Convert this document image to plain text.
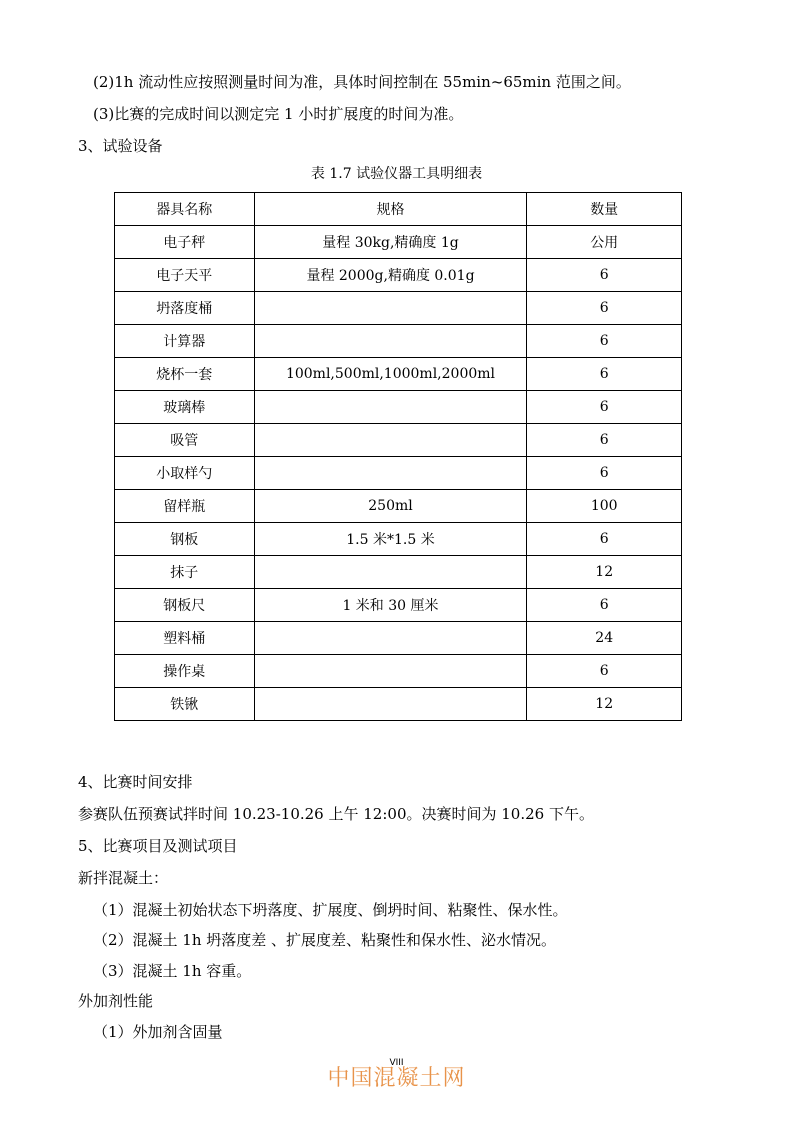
(2)1h 流动性应按照测量时间为准，具体时间控制在 55min~65min 范围之间。
(3)比赛的完成时间以测定完 1 小时扩展度的时间为准。
3、试验设备
表 1.7 试验仪器工具明细表
器具名称	规格	数量
电子秤	量程 30kg,精确度 1g	公用
电子天平	量程 2000g,精确度 0.01g	6
坍落度桶		6
计算器		6
烧杯一套	100ml,500ml,1000ml,2000ml	6
玻璃棒		6
吸管		6
小取样勺		6
留样瓶	250ml	100
钢板	1.5 米*1.5 米	6
抹子		12
钢板尺	1 米和 30 厘米	6
塑料桶		24
操作桌		6
铁锹		12
4、比赛时间安排
参赛队伍预赛试拌时间 10.23-10.26 上午 12:00。决赛时间为 10.26 下午。
5、比赛项目及测试项目
新拌混凝土：
（1）混凝土初始状态下坍落度、扩展度、倒坍时间、粘聚性、保水性。
（2）混凝土 1h 坍落度差 、扩展度差、粘聚性和保水性、泌水情况。
（3）混凝土 1h 容重。
外加剂性能
（1）外加剂含固量
VIII
中国混凝土网
